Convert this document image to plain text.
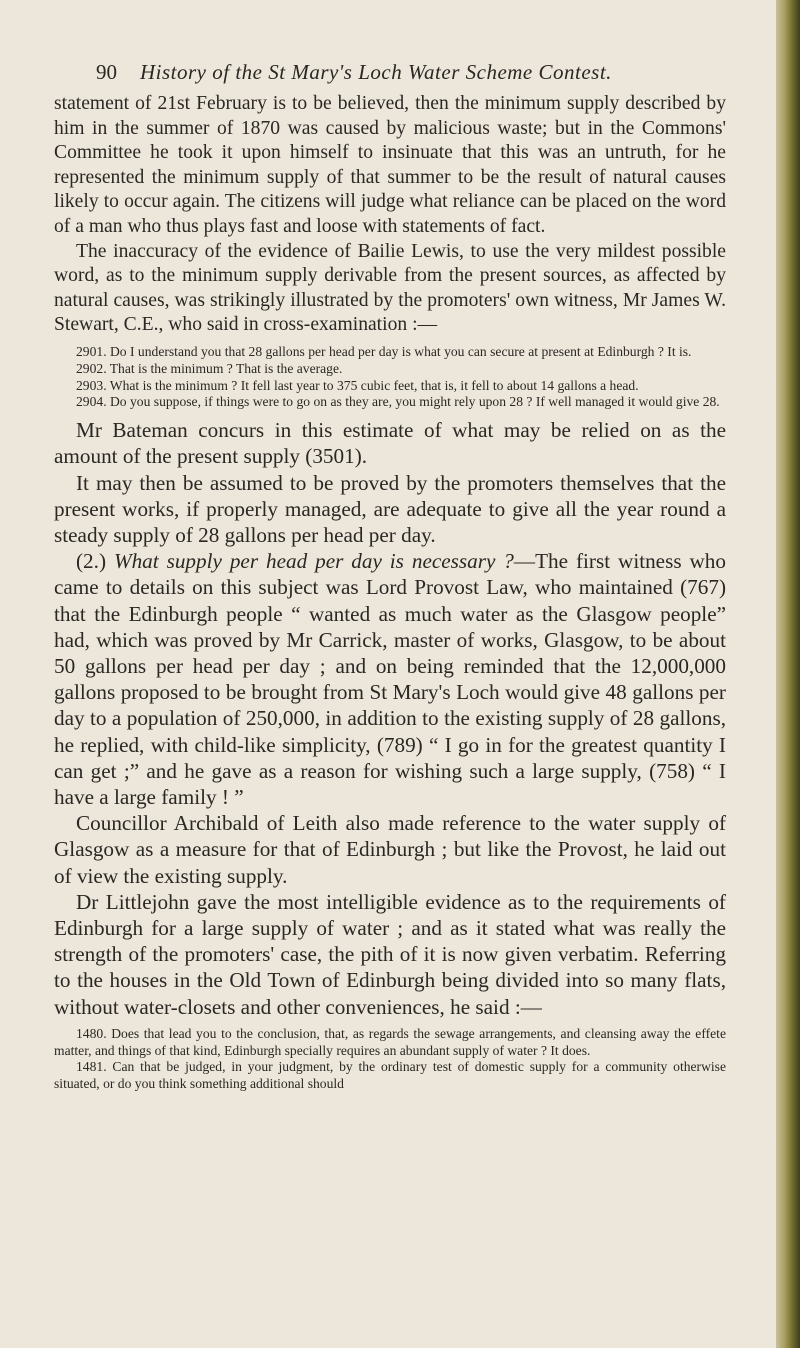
90 History of the St Mary's Loch Water Scheme Contest.

statement of 21st February is to be believed, then the minimum supply described by him in the summer of 1870 was caused by malicious waste; but in the Commons' Committee he took it upon himself to insinuate that this was an untruth, for he represented the minimum supply of that summer to be the result of natural causes likely to occur again. The citizens will judge what reliance can be placed on the word of a man who thus plays fast and loose with statements of fact.

The inaccuracy of the evidence of Bailie Lewis, to use the very mildest possible word, as to the minimum supply derivable from the present sources, as affected by natural causes, was strikingly illustrated by the promoters' own witness, Mr James W. Stewart, C.E., who said in cross-examination :—

2901. Do I understand you that 28 gallons per head per day is what you can secure at present at Edinburgh ? It is.

2902. That is the minimum ? That is the average.

2903. What is the minimum ? It fell last year to 375 cubic feet, that is, it fell to about 14 gallons a head.

2904. Do you suppose, if things were to go on as they are, you might rely upon 28 ? If well managed it would give 28.

Mr Bateman concurs in this estimate of what may be relied on as the amount of the present supply (3501).

It may then be assumed to be proved by the promoters themselves that the present works, if properly managed, are adequate to give all the year round a steady supply of 28 gallons per head per day.

(2.) What supply per head per day is necessary ?—The first witness who came to details on this subject was Lord Provost Law, who maintained (767) that the Edinburgh people “ wanted as much water as the Glasgow people” had, which was proved by Mr Carrick, master of works, Glasgow, to be about 50 gallons per head per day ; and on being reminded that the 12,000,000 gallons proposed to be brought from St Mary's Loch would give 48 gallons per day to a population of 250,000, in addition to the existing supply of 28 gallons, he replied, with child-like simplicity, (789) “ I go in for the greatest quantity I can get ;” and he gave as a reason for wishing such a large supply, (758) “ I have a large family ! ”

Councillor Archibald of Leith also made reference to the water supply of Glasgow as a measure for that of Edinburgh ; but like the Provost, he laid out of view the existing supply.

Dr Littlejohn gave the most intelligible evidence as to the requirements of Edinburgh for a large supply of water ; and as it stated what was really the strength of the promoters' case, the pith of it is now given verbatim. Referring to the houses in the Old Town of Edinburgh being divided into so many flats, without water-closets and other conveniences, he said :—

1480. Does that lead you to the conclusion, that, as regards the sewage arrangements, and cleansing away the effete matter, and things of that kind, Edinburgh specially requires an abundant supply of water ? It does.

1481. Can that be judged, in your judgment, by the ordinary test of domestic supply for a community otherwise situated, or do you think something additional should
